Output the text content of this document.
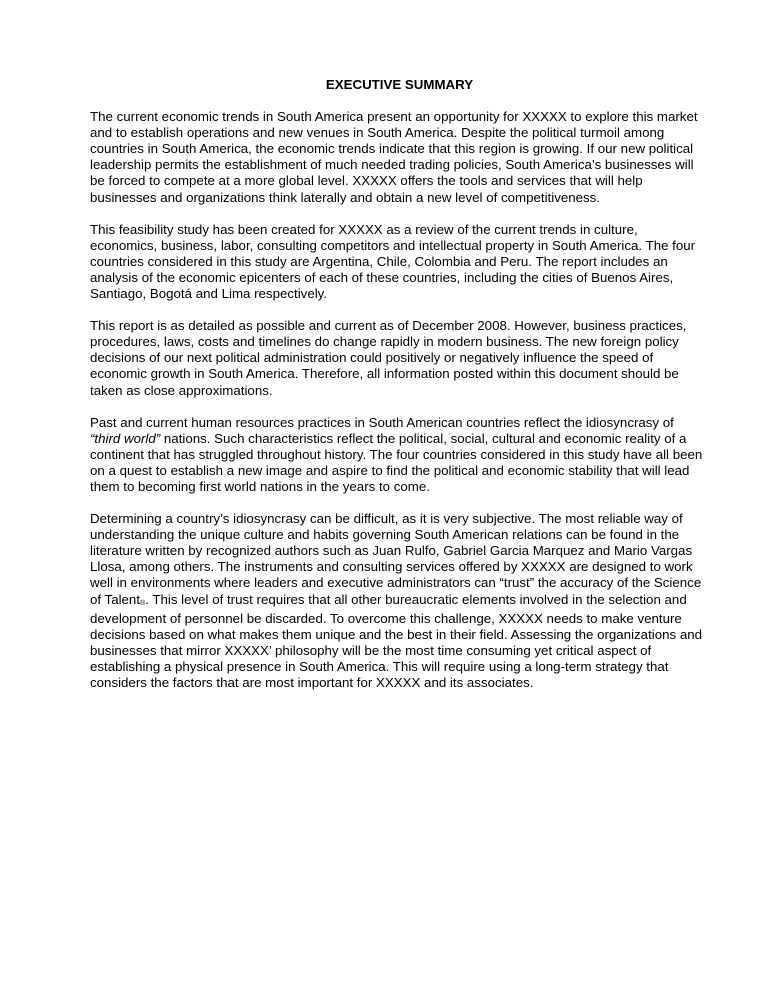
EXECUTIVE SUMMARY

The current economic trends in South America present an opportunity for XXXXX to explore this market and to establish operations and new venues in South America. Despite the political turmoil among countries in South America, the economic trends indicate that this region is growing. If our new political leadership permits the establishment of much needed trading policies, South America’s businesses will be forced to compete at a more global level. XXXXX offers the tools and services that will help businesses and organizations think laterally and obtain a new level of competitiveness.

This feasibility study has been created for XXXXX as a review of the current trends in culture, economics, business, labor, consulting competitors and intellectual property in South America. The four countries considered in this study are Argentina, Chile, Colombia and Peru. The report includes an analysis of the economic epicenters of each of these countries, including the cities of Buenos Aires, Santiago, Bogotá and Lima respectively.

This report is as detailed as possible and current as of December 2008. However, business practices, procedures, laws, costs and timelines do change rapidly in modern business. The new foreign policy decisions of our next political administration could positively or negatively influence the speed of economic growth in South America. Therefore, all information posted within this document should be taken as close approximations.

Past and current human resources practices in South American countries reflect the idiosyncrasy of “third world” nations. Such characteristics reflect the political, social, cultural and economic reality of a continent that has struggled throughout history. The four countries considered in this study have all been on a quest to establish a new image and aspire to find the political and economic stability that will lead them to becoming first world nations in the years to come.

Determining a country’s idiosyncrasy can be difficult, as it is very subjective. The most reliable way of understanding the unique culture and habits governing South American relations can be found in the literature written by recognized authors such as Juan Rulfo, Gabriel Garcia Marquez and Mario Vargas Llosa, among others. The instruments and consulting services offered by XXXXX are designed to work well in environments where leaders and executive administrators can “trust” the accuracy of the Science of Talent®. This level of trust requires that all other bureaucratic elements involved in the selection and development of personnel be discarded. To overcome this challenge, XXXXX needs to make venture decisions based on what makes them unique and the best in their field. Assessing the organizations and businesses that mirror XXXXX’ philosophy will be the most time consuming yet critical aspect of establishing a physical presence in South America. This will require using a long-term strategy that considers the factors that are most important for XXXXX and its associates.
